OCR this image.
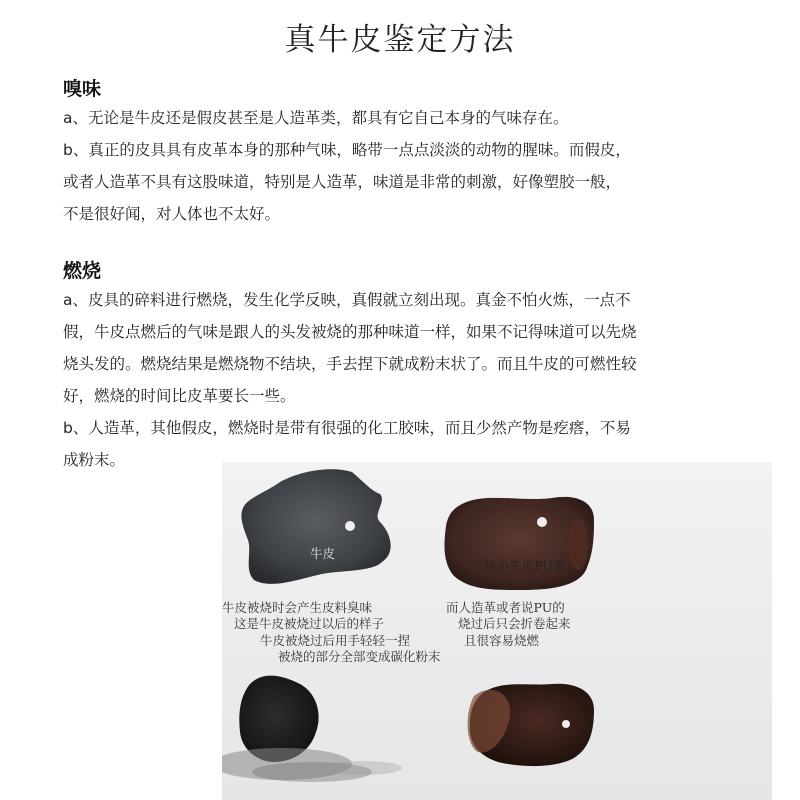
真牛皮鉴定方法
嗅味
a、无论是牛皮还是假皮甚至是人造革类，都具有它自己本身的气味存在。
b、真正的皮具具有皮革本身的那种气味，略带一点点淡淡的动物的腥味。而假皮，
或者人造革不具有这股味道，特别是人造革，味道是非常的刺激，好像塑胶一般，
不是很好闻，对人体也不太好。
燃烧
a、皮具的碎料进行燃烧，发生化学反映，真假就立刻出现。真金不怕火炼，一点不
假，牛皮点燃后的气味是跟人的头发被烧的那种味道一样，如果不记得味道可以先烧
烧头发的。燃烧结果是燃烧物不结块，手去捏下就成粉末状了。而且牛皮的可燃性较
好，燃烧的时间比皮革要长一些。
b、人造革，其他假皮，燃烧时是带有很强的化工胶味，而且少然产物是疙瘩，不易
成粉末。
牛皮
仿小牛皮PU革
牛皮被烧时会产生皮料臭味
这是牛皮被烧过以后的样子
牛皮被烧过后用手轻轻一捏
被烧的部分全部变成碳化粉末
而人造革或者说PU的
烧过后只会折卷起来
且很容易烧燃
